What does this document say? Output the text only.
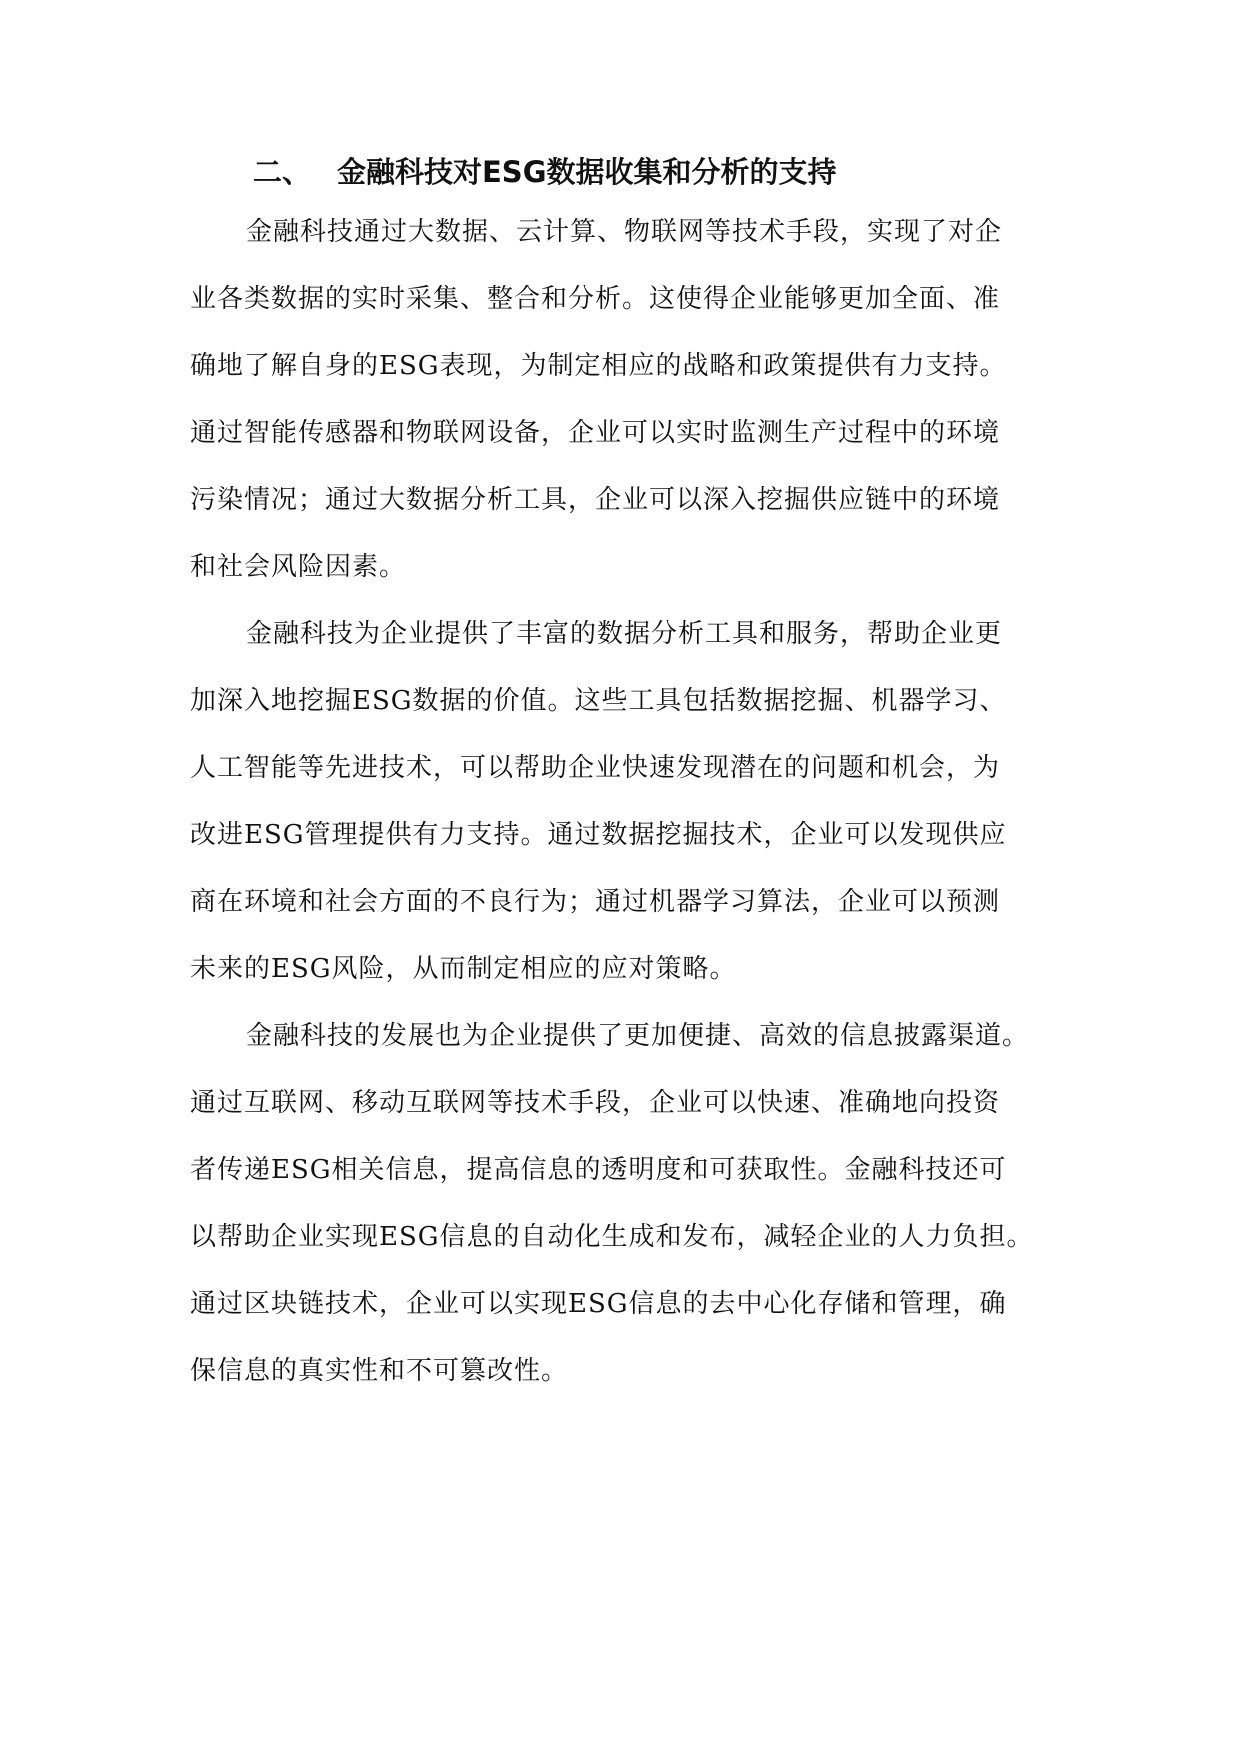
二、 金融科技对ESG数据收集和分析的支持
金融科技通过大数据、云计算、物联网等技术手段，实现了对企
业各类数据的实时采集、整合和分析。这使得企业能够更加全面、准
确地了解自身的ESG表现，为制定相应的战略和政策提供有力支持。
通过智能传感器和物联网设备，企业可以实时监测生产过程中的环境
污染情况；通过大数据分析工具，企业可以深入挖掘供应链中的环境
和社会风险因素。
金融科技为企业提供了丰富的数据分析工具和服务，帮助企业更
加深入地挖掘ESG数据的价值。这些工具包括数据挖掘、机器学习、
人工智能等先进技术，可以帮助企业快速发现潜在的问题和机会，为
改进ESG管理提供有力支持。通过数据挖掘技术，企业可以发现供应
商在环境和社会方面的不良行为；通过机器学习算法，企业可以预测
未来的ESG风险，从而制定相应的应对策略。
金融科技的发展也为企业提供了更加便捷、高效的信息披露渠道。
通过互联网、移动互联网等技术手段，企业可以快速、准确地向投资
者传递ESG相关信息，提高信息的透明度和可获取性。金融科技还可
以帮助企业实现ESG信息的自动化生成和发布，减轻企业的人力负担。
通过区块链技术，企业可以实现ESG信息的去中心化存储和管理，确
保信息的真实性和不可篡改性。
